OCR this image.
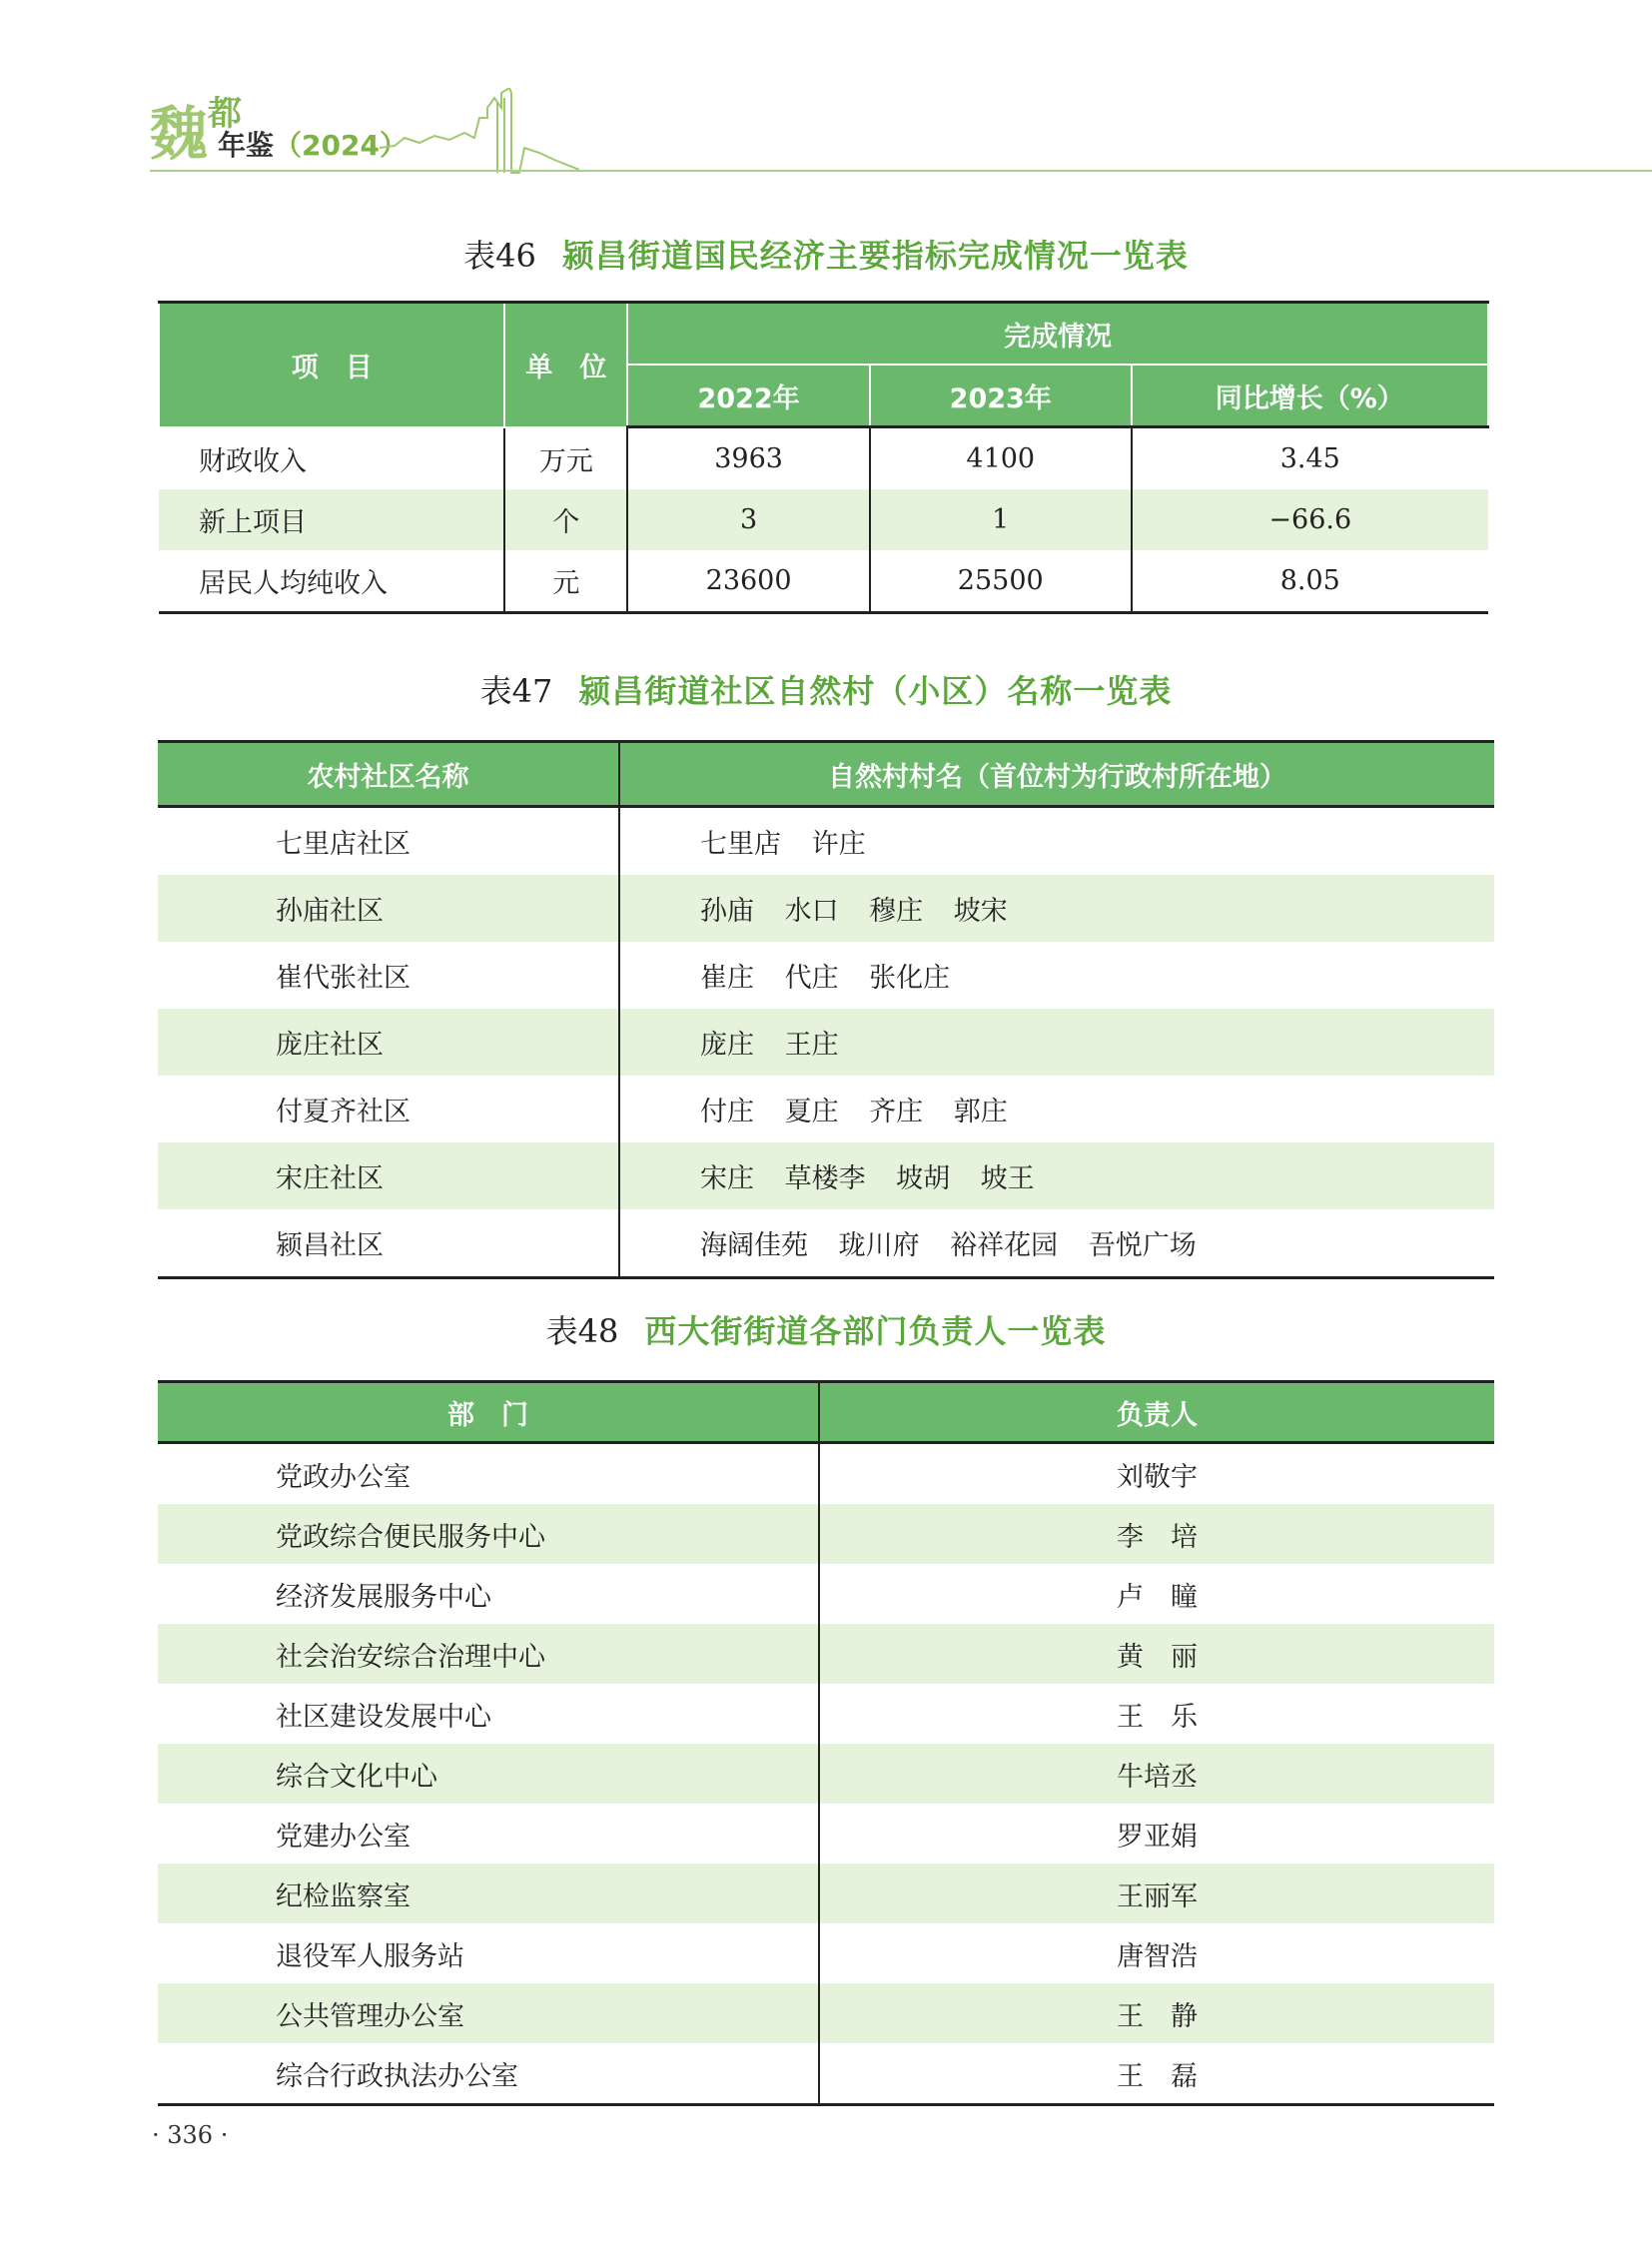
魏 都
年鉴（2024）
表46 颍昌街道国民经济主要指标完成情况一览表
项　目	单　位	完成情况		
		2022年	2023年	同比增长（%）
财政收入	万元	3963	4100	3.45
新上项目	个	3	1	−66.6
居民人均纯收入	元	23600	25500	8.05
表47 颍昌街道社区自然村（小区）名称一览表
农村社区名称	自然村村名（首位村为行政村所在地）
七里店社区	七里店 许庄
孙庙社区	孙庙 水口 穆庄 坡宋
崔代张社区	崔庄 代庄 张化庄
庞庄社区	庞庄 王庄
付夏齐社区	付庄 夏庄 齐庄 郭庄
宋庄社区	宋庄 草楼李 坡胡 坡王
颍昌社区	海阔佳苑 珑川府 裕祥花园 吾悦广场
表48 西大街街道各部门负责人一览表
部　门	负责人
党政办公室	刘敬宇
党政综合便民服务中心	李　培
经济发展服务中心	卢　瞳
社会治安综合治理中心	黄　丽
社区建设发展中心	王　乐
综合文化中心	牛培丞
党建办公室	罗亚娟
纪检监察室	王丽军
退役军人服务站	唐智浩
公共管理办公室	王　静
综合行政执法办公室	王　磊
· 336 ·
